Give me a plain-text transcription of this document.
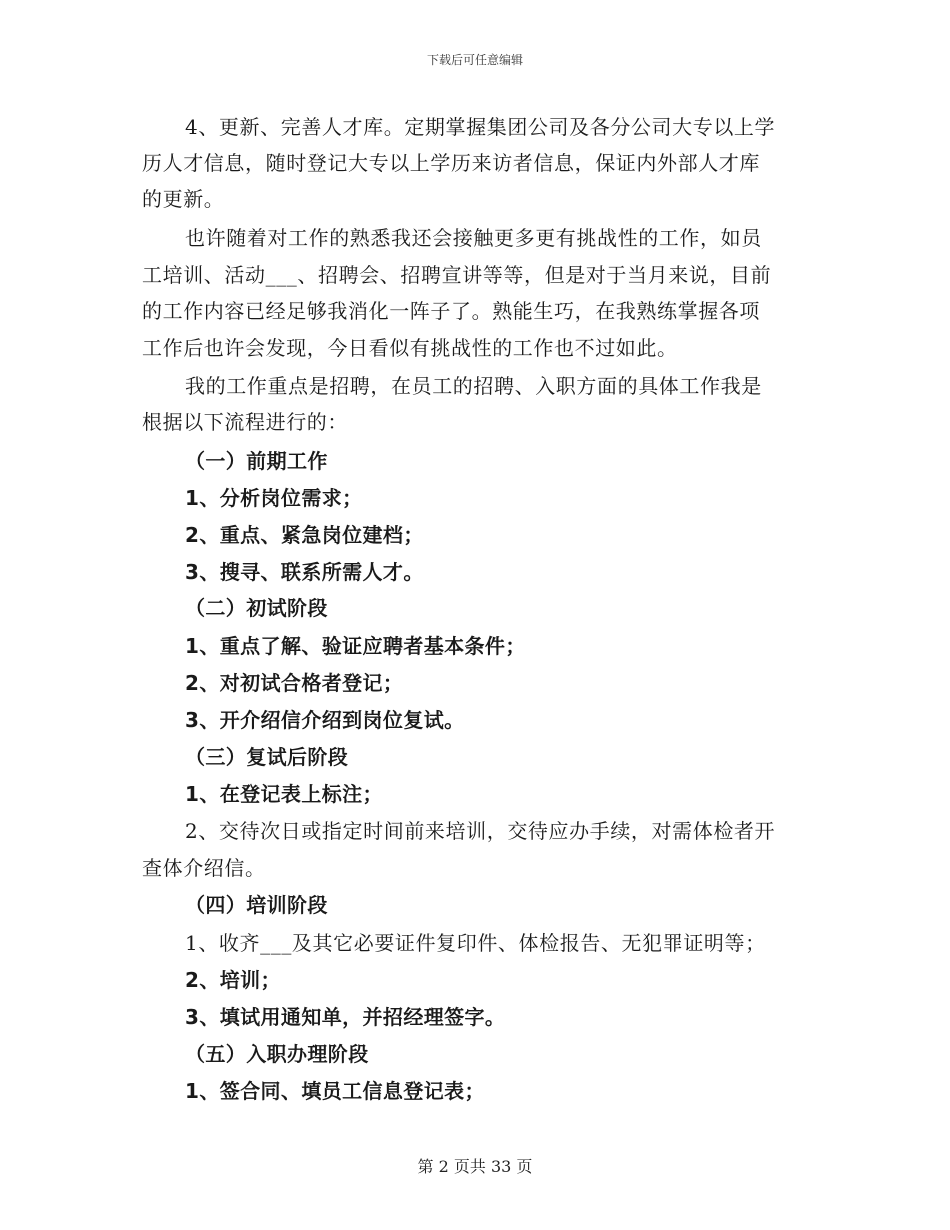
下载后可任意编辑
4、更新、完善人才库。定期掌握集团公司及各分公司大专以上学
历人才信息，随时登记大专以上学历来访者信息，保证内外部人才库
的更新。
也许随着对工作的熟悉我还会接触更多更有挑战性的工作，如员
工培训、活动___、招聘会、招聘宣讲等等，但是对于当月来说，目前
的工作内容已经足够我消化一阵子了。熟能生巧，在我熟练掌握各项
工作后也许会发现，今日看似有挑战性的工作也不过如此。
我的工作重点是招聘，在员工的招聘、入职方面的具体工作我是
根据以下流程进行的：
（一）前期工作
1、分析岗位需求；
2、重点、紧急岗位建档；
3、搜寻、联系所需人才。
（二）初试阶段
1、重点了解、验证应聘者基本条件；
2、对初试合格者登记；
3、开介绍信介绍到岗位复试。
（三）复试后阶段
1、在登记表上标注；
2、交待次日或指定时间前来培训，交待应办手续，对需体检者开
查体介绍信。
（四）培训阶段
1、收齐___及其它必要证件复印件、体检报告、无犯罪证明等；
2、培训；
3、填试用通知单，并招经理签字。
（五）入职办理阶段
1、签合同、填员工信息登记表；
第 2 页共 33 页
